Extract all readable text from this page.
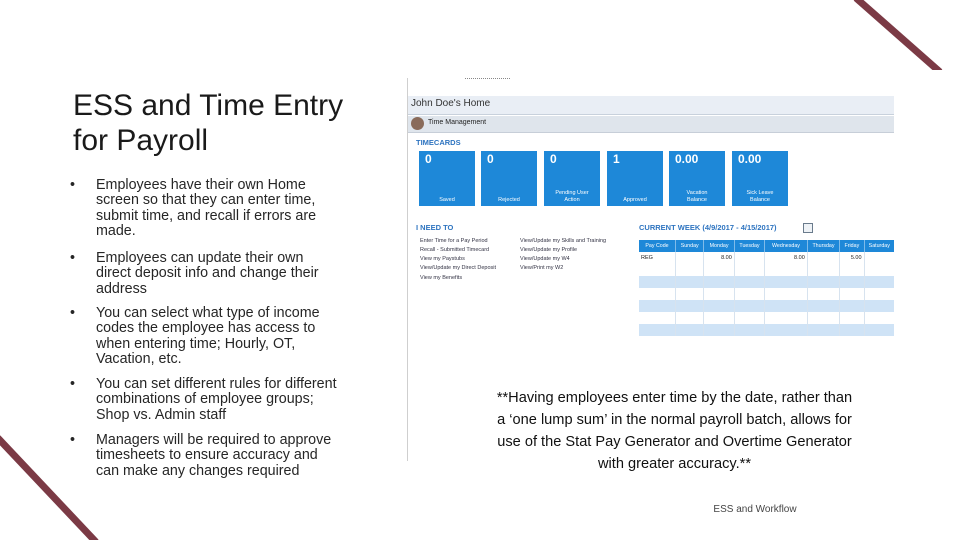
ESS and Time Entry
for Payroll
•	Employees have their own Home
screen so that they can enter time,
submit time, and recall if errors are
made.
•	Employees can update their own
direct deposit info and change their
address
•	You can select what type of income
codes the employee has access to
when entering time; Hourly, OT,
Vacation, etc.
•	You can set different rules for different
combinations of employee groups;
Shop vs. Admin staff
•	Managers will be required to approve
timesheets to ensure accuracy and
can make any changes required
John Doe's Home
Time Management
TIMECARDS
0
Saved
0
Rejected
0
Pending User
Action
1
Approved
0.00
Vacation
Balance
0.00
Sick Leave
Balance
I NEED TO
Enter Time for a Pay Period
Recall - Submitted Timecard
View my Paystubs
View/Update my Direct Deposit
View my Benefits
View/Update my Skills and Training
View/Update my Profile
View/Update my W4
View/Print my W2
CURRENT WEEK (4/9/2017 - 4/15/2017)
Pay Code	Sunday	Monday	Tuesday	Wednesday	Thursday	Friday	Saturday
REG		8.00		8.00		5.00	

**Having employees enter time by the date, rather than
a ‘one lump sum’ in the normal payroll batch, allows for
use of the Stat Pay Generator and Overtime Generator
with greater accuracy.**
ESS and Workflow
